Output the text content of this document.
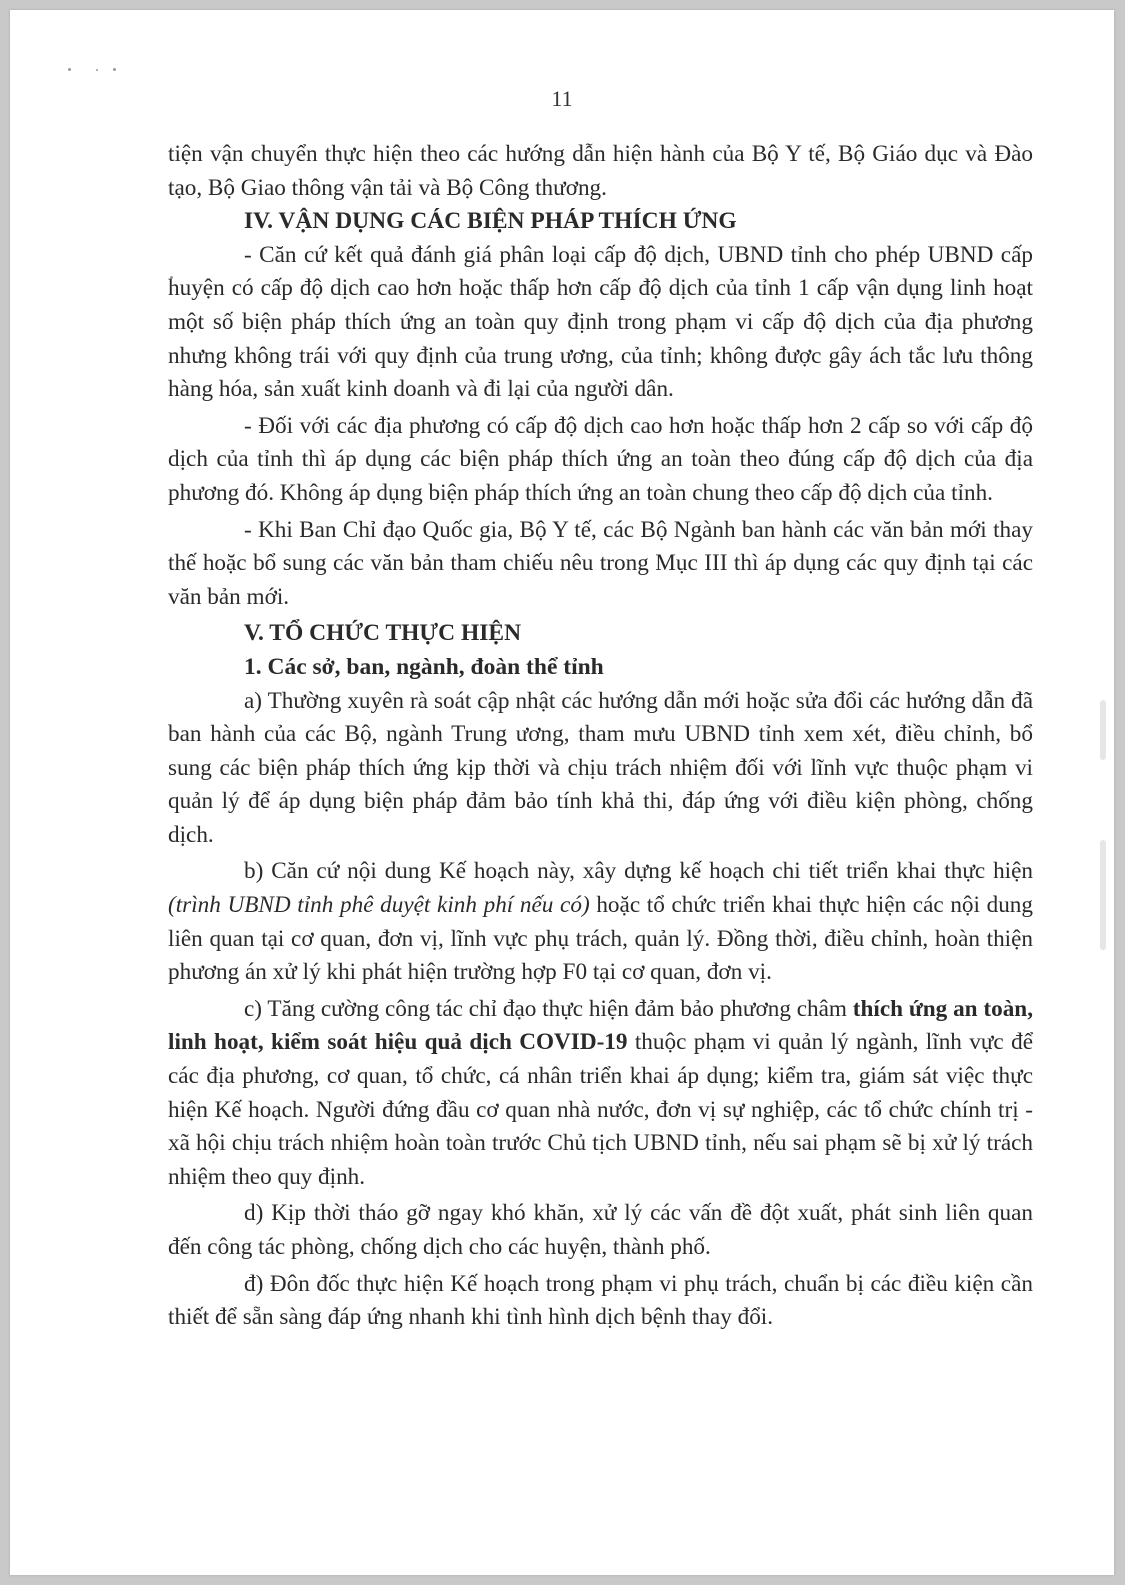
11

tiện vận chuyển thực hiện theo các hướng dẫn hiện hành của Bộ Y tế, Bộ Giáo dục và Đào tạo, Bộ Giao thông vận tải và Bộ Công thương.

IV. VẬN DỤNG CÁC BIỆN PHÁP THÍCH ỨNG

- Căn cứ kết quả đánh giá phân loại cấp độ dịch, UBND tỉnh cho phép UBND cấp huyện có cấp độ dịch cao hơn hoặc thấp hơn cấp độ dịch của tỉnh 1 cấp vận dụng linh hoạt một số biện pháp thích ứng an toàn quy định trong phạm vi cấp độ dịch của địa phương nhưng không trái với quy định của trung ương, của tỉnh; không được gây ách tắc lưu thông hàng hóa, sản xuất kinh doanh và đi lại của người dân.

- Đối với các địa phương có cấp độ dịch cao hơn hoặc thấp hơn 2 cấp so với cấp độ dịch của tỉnh thì áp dụng các biện pháp thích ứng an toàn theo đúng cấp độ dịch của địa phương đó. Không áp dụng biện pháp thích ứng an toàn chung theo cấp độ dịch của tỉnh.

- Khi Ban Chỉ đạo Quốc gia, Bộ Y tế, các Bộ Ngành ban hành các văn bản mới thay thế hoặc bổ sung các văn bản tham chiếu nêu trong Mục III thì áp dụng các quy định tại các văn bản mới.

V. TỔ CHỨC THỰC HIỆN

1. Các sở, ban, ngành, đoàn thể tỉnh

a) Thường xuyên rà soát cập nhật các hướng dẫn mới hoặc sửa đổi các hướng dẫn đã ban hành của các Bộ, ngành Trung ương, tham mưu UBND tỉnh xem xét, điều chỉnh, bổ sung các biện pháp thích ứng kịp thời và chịu trách nhiệm đối với lĩnh vực thuộc phạm vi quản lý để áp dụng biện pháp đảm bảo tính khả thi, đáp ứng với điều kiện phòng, chống dịch.

b) Căn cứ nội dung Kế hoạch này, xây dựng kế hoạch chi tiết triển khai thực hiện (trình UBND tỉnh phê duyệt kinh phí nếu có) hoặc tổ chức triển khai thực hiện các nội dung liên quan tại cơ quan, đơn vị, lĩnh vực phụ trách, quản lý. Đồng thời, điều chỉnh, hoàn thiện phương án xử lý khi phát hiện trường hợp F0 tại cơ quan, đơn vị.

c) Tăng cường công tác chỉ đạo thực hiện đảm bảo phương châm thích ứng an toàn, linh hoạt, kiểm soát hiệu quả dịch COVID-19 thuộc phạm vi quản lý ngành, lĩnh vực để các địa phương, cơ quan, tổ chức, cá nhân triển khai áp dụng; kiểm tra, giám sát việc thực hiện Kế hoạch. Người đứng đầu cơ quan nhà nước, đơn vị sự nghiệp, các tổ chức chính trị - xã hội chịu trách nhiệm hoàn toàn trước Chủ tịch UBND tỉnh, nếu sai phạm sẽ bị xử lý trách nhiệm theo quy định.

d) Kịp thời tháo gỡ ngay khó khăn, xử lý các vấn đề đột xuất, phát sinh liên quan đến công tác phòng, chống dịch cho các huyện, thành phố.

đ) Đôn đốc thực hiện Kế hoạch trong phạm vi phụ trách, chuẩn bị các điều kiện cần thiết để sẵn sàng đáp ứng nhanh khi tình hình dịch bệnh thay đổi.
